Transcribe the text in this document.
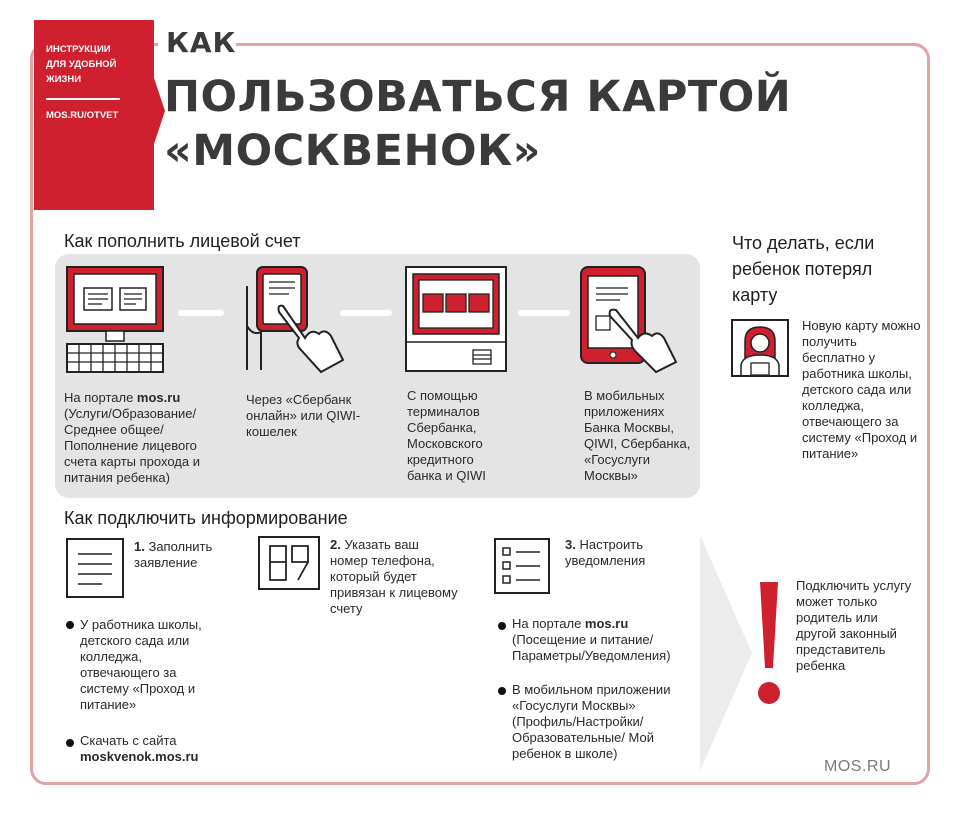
ИНСТРУКЦИИ
ДЛЯ УДОБНОЙ
ЖИЗНИ
MOS.RU/OTVET
КАК
ПОЛЬЗОВАТЬСЯ КАРТОЙ
«МОСКВЕНОК»
Как пополнить лицевой счет
На портале mos.ru (Услуги/Образование/ Среднее общее/ Пополнение лицевого счета карты прохода и питания ребенка)
Через «Сбербанк онлайн» или QIWI-кошелек
С помощью терминалов Сбербанка, Московского кредитного банка и QIWI
В мобильных приложениях Банка Москвы, QIWI, Сбербанка, «Госуслуги Москвы»
Что делать, если ребенок потерял карту
Новую карту можно получить бесплатно у работника школы, детского сада или колледжа, отвечающего за систему «Проход и питание»
Как подключить информирование
1. Заполнить заявление
2. Указать ваш номер телефона, который будет привязан к лицевому счету
3. Настроить уведомления
У работника школы, детского сада или колледжа, отвечающего за систему «Проход и питание»
Скачать с сайта
moskvenok.mos.ru
На портале mos.ru (Посещение и питание/ Параметры/Уведомления)
В мобильном приложении «Госуслуги Москвы» (Профиль/Настройки/ Образовательные/ Мой ребенок в школе)
Подключить услугу может только родитель или другой законный представитель ребенка
MOS.RU
